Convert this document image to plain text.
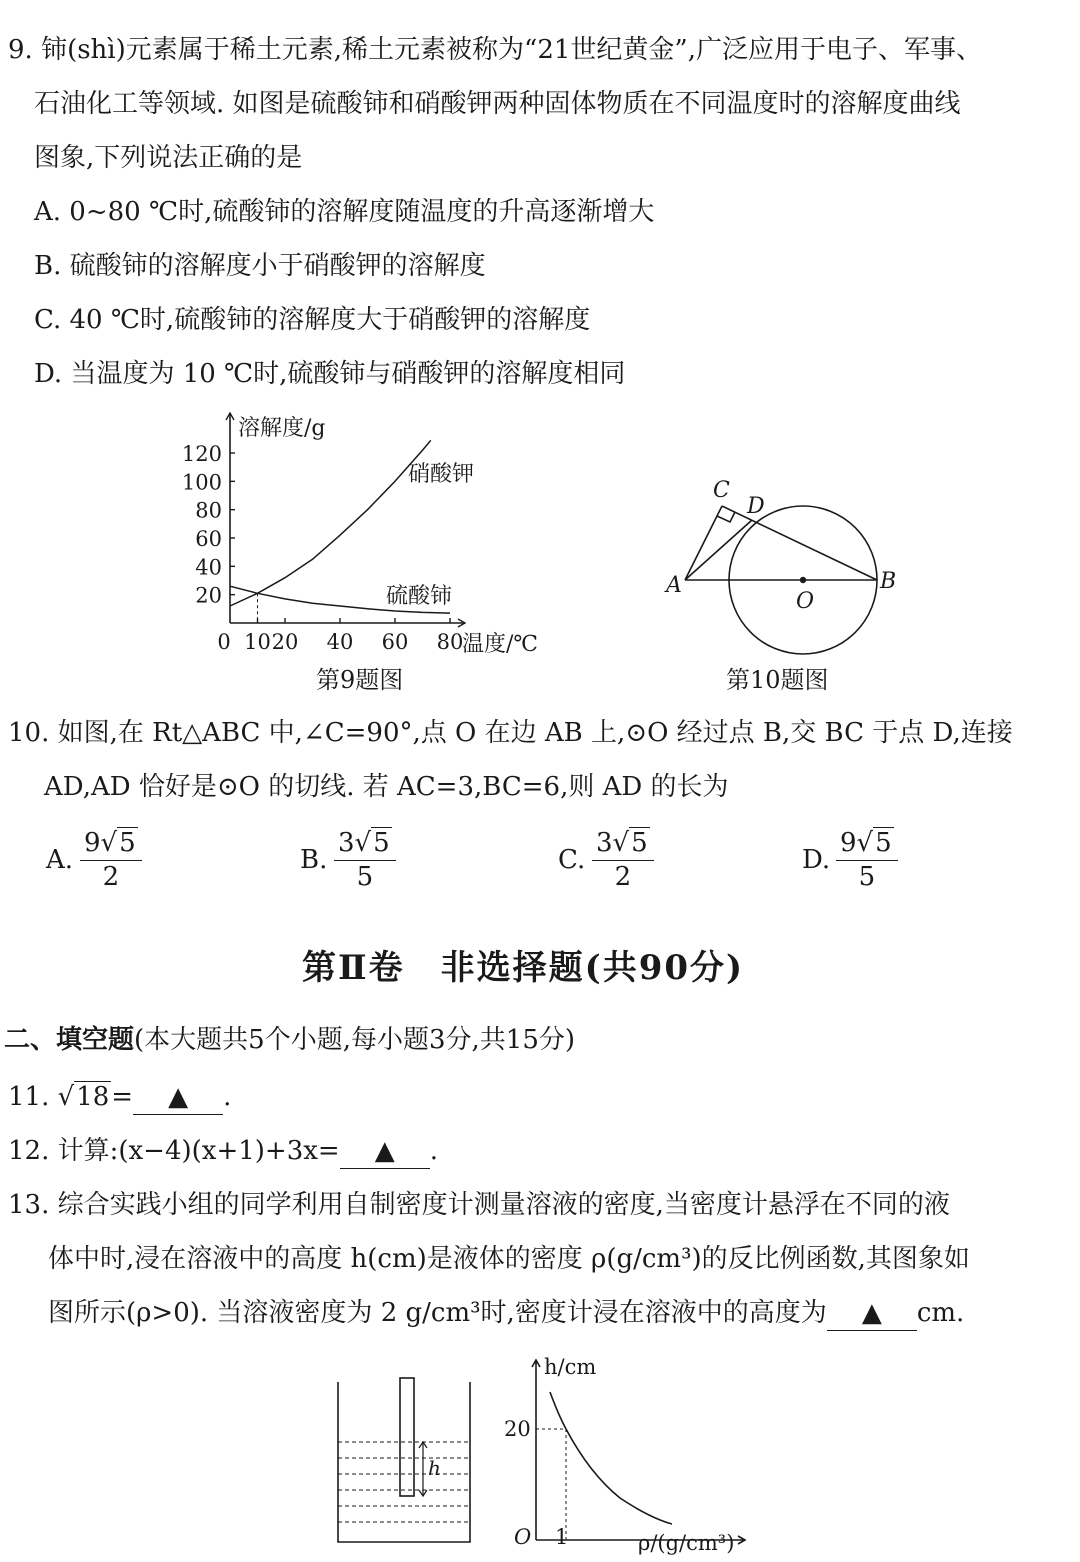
9. 铈(shì)元素属于稀土元素,稀土元素被称为“21世纪黄金”,广泛应用于电子、军事、
石油化工等领域. 如图是硫酸铈和硝酸钾两种固体物质在不同温度时的溶解度曲线
图象,下列说法正确的是
A. 0~80 ℃时,硫酸铈的溶解度随温度的升高逐渐增大
B. 硫酸铈的溶解度小于硝酸钾的溶解度
C. 40 ℃时,硫酸铈的溶解度大于硝酸钾的溶解度
D. 当温度为 10 ℃时,硫酸铈与硝酸钾的溶解度相同
20
40
60
80
100
120
0 10 20 40 60 80
硝酸钾
硫酸铈
溶解度/g
温度/℃
第9题图
C
D
A	B
O
第10题图
10. 如图,在 Rt△ABC 中,∠C=90°,点 O 在边 AB 上,⊙O 经过点 B,交 BC 于点 D,连接
AD,AD 恰好是⊙O 的切线. 若 AC=3,BC=6,则 AD 的长为
A. $\frac{9√5}{2}$	B. $\frac{3√5}{5}$	C. $\frac{3√5}{2}$	D. $\frac{9√5}{5}$
第Ⅱ卷　非选择题(共90分)
二、填空题(本大题共5个小题,每小题3分,共15分)
11. √18= ▲ .
12. 计算:(x−4)(x+1)+3x= ▲ .
13. 综合实践小组的同学利用自制密度计测量溶液的密度,当密度计悬浮在不同的液
体中时,浸在溶液中的高度 h(cm)是液体的密度 ρ(g/cm³)的反比例函数,其图象如
图所示(ρ>0). 当溶液密度为 2 g/cm³时,密度计浸在溶液中的高度为 ▲ cm.
h
h/cm
ρ/(g/cm³)
O
20
1
